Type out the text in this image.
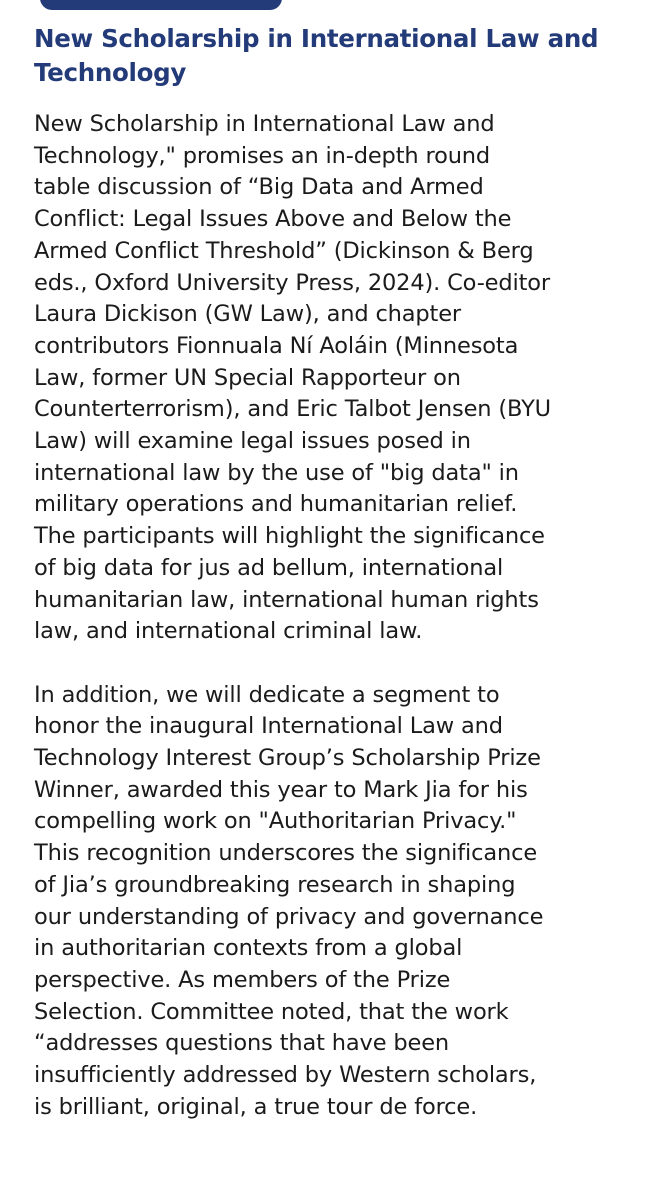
New Scholarship in International Law and Technology

New Scholarship in International Law and
Technology," promises an in-depth round
table discussion of “Big Data and Armed
Conflict: Legal Issues Above and Below the
Armed Conflict Threshold” (Dickinson & Berg
eds., Oxford University Press, 2024). Co-editor
Laura Dickison (GW Law), and chapter
contributors Fionnuala Ní Aoláin (Minnesota
Law, former UN Special Rapporteur on
Counterterrorism), and Eric Talbot Jensen (BYU
Law) will examine legal issues posed in
international law by the use of "big data" in
military operations and humanitarian relief.
The participants will highlight the significance
of big data for jus ad bellum, international
humanitarian law, international human rights
law, and international criminal law.

In addition, we will dedicate a segment to
honor the inaugural International Law and
Technology Interest Group’s Scholarship Prize
Winner, awarded this year to Mark Jia for his
compelling work on "Authoritarian Privacy."
This recognition underscores the significance
of Jia’s groundbreaking research in shaping
our understanding of privacy and governance
in authoritarian contexts from a global
perspective. As members of the Prize
Selection. Committee noted, that the work
“addresses questions that have been
insufficiently addressed by Western scholars,
is brilliant, original, a true tour de force.
